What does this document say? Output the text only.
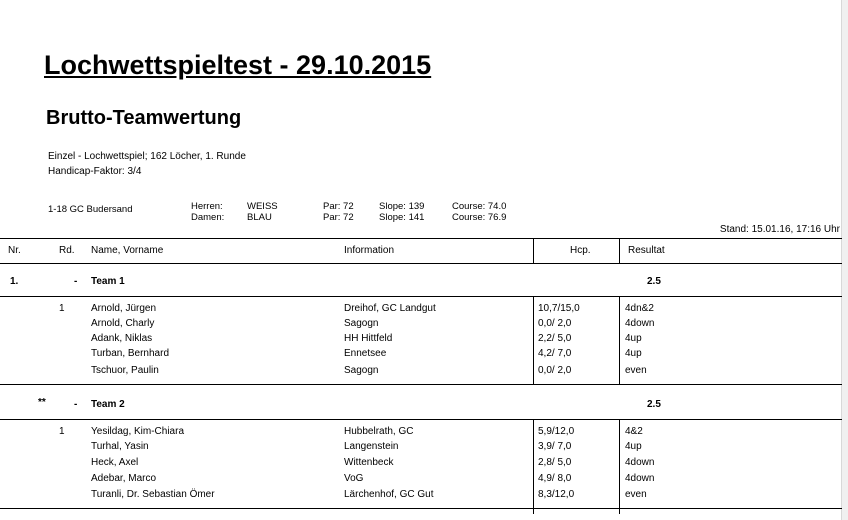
Lochwettspieltest - 29.10.2015
Brutto-Teamwertung
Einzel - Lochwettspiel; 162 Löcher, 1. Runde
Handicap-Faktor: 3/4
1-18 GC Budersand	Herren:	WEISS	Par: 72	Slope: 139	Course: 74.0
Damen: BLAU	Par: 72	Slope: 141	Course: 76.9
Stand: 15.01.16, 17:16 Uhr
Nr.	Rd. Name, Vorname	Information	Hcp.	Resultat
1.	- Team 1	2.5
1	Arnold, Jürgen	Dreihof, GC Landgut	10,7/15,0	4dn&2
Arnold, Charly	Sagogn	0,0/ 2,0	4down
Adank, Niklas	HH Hittfeld	2,2/ 5,0	4up
Turban, Bernhard	Ennetsee	4,2/ 7,0	4up
Tschuor, Paulin	Sagogn	0,0/ 2,0	even
**	- Team 2	2.5
1	Yesildag, Kim-Chiara	Hubbelrath, GC	5,9/12,0	4&2
Turhal, Yasin	Langenstein	3,9/ 7,0	4up
Heck, Axel	Wittenbeck	2,8/ 5,0	4down
Adebar, Marco	VoG	4,9/ 8,0	4down
Turanli, Dr. Sebastian Ömer	Lärchenhof, GC Gut	8,3/12,0	even
